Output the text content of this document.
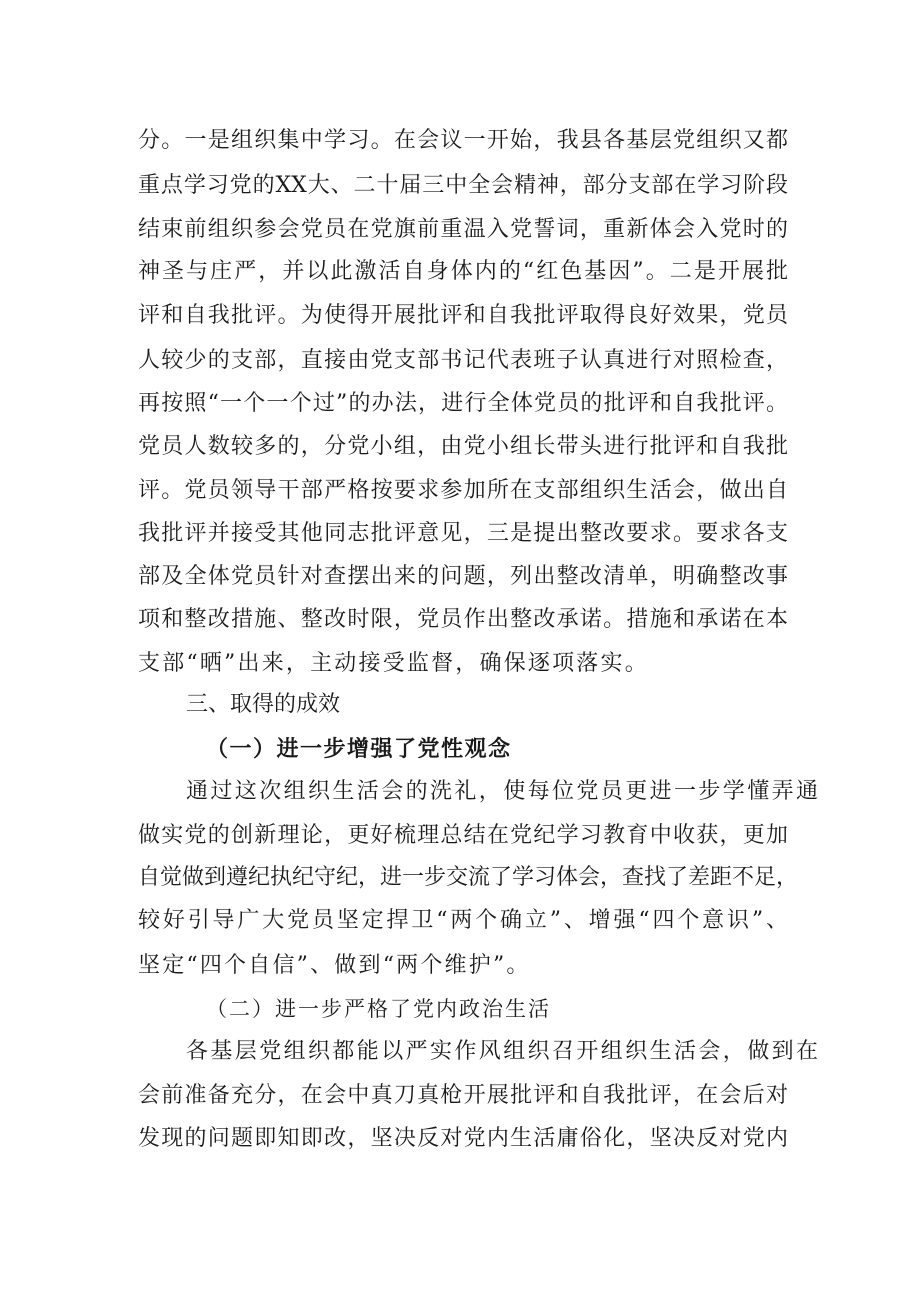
分。一是组织集中学习。在会议一开始，我县各基层党组织又都
重点学习党的XX大、二十届三中全会精神，部分支部在学习阶段
结束前组织参会党员在党旗前重温入党誓词，重新体会入党时的
神圣与庄严，并以此激活自身体内的“红色基因”。二是开展批
评和自我批评。为使得开展批评和自我批评取得良好效果，党员
人较少的支部，直接由党支部书记代表班子认真进行对照检查，
再按照“一个一个过”的办法，进行全体党员的批评和自我批评。
党员人数较多的，分党小组，由党小组长带头进行批评和自我批
评。党员领导干部严格按要求参加所在支部组织生活会，做出自
我批评并接受其他同志批评意见，三是提出整改要求。要求各支
部及全体党员针对查摆出来的问题，列出整改清单，明确整改事
项和整改措施、整改时限，党员作出整改承诺。措施和承诺在本
支部“晒”出来，主动接受监督，确保逐项落实。
三、取得的成效
（一）进一步增强了党性观念
通过这次组织生活会的洗礼，使每位党员更进一步学懂弄通
做实党的创新理论，更好梳理总结在党纪学习教育中收获，更加
自觉做到遵纪执纪守纪，进一步交流了学习体会，查找了差距不足，
较好引导广大党员坚定捍卫“两个确立”、增强“四个意识”、
坚定“四个自信”、做到“两个维护”。
（二）进一步严格了党内政治生活
各基层党组织都能以严实作风组织召开组织生活会，做到在
会前准备充分，在会中真刀真枪开展批评和自我批评，在会后对
发现的问题即知即改，坚决反对党内生活庸俗化，坚决反对党内
